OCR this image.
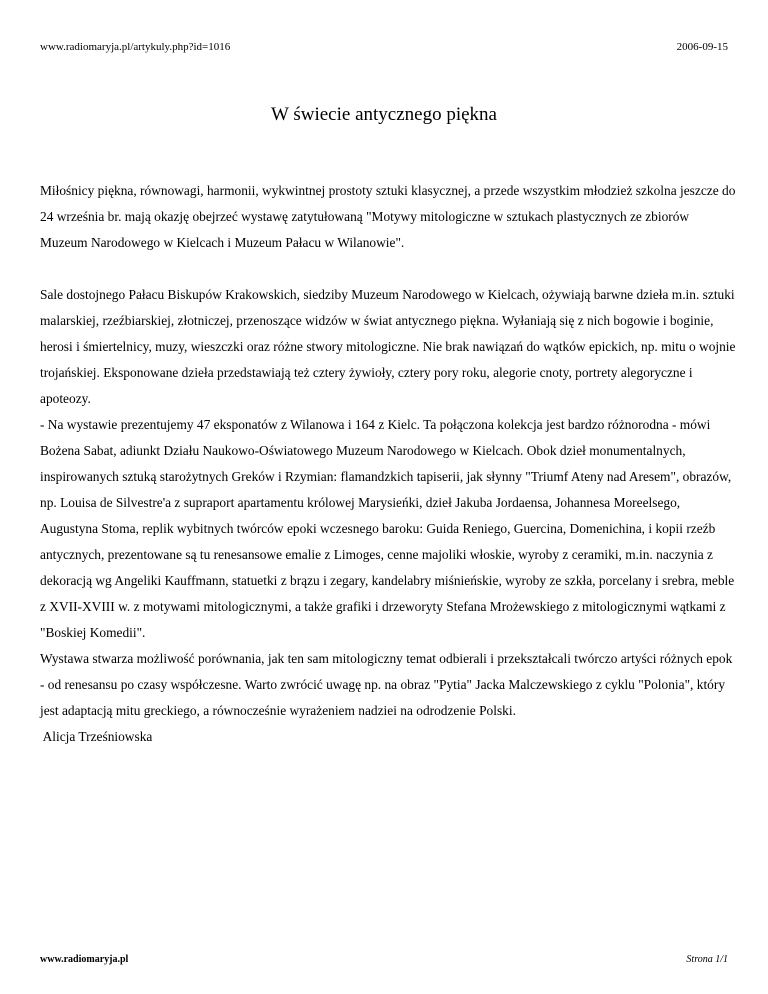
www.radiomaryja.pl/artykuly.php?id=1016	2006-09-15
W świecie antycznego piękna

Miłośnicy piękna, równowagi, harmonii, wykwintnej prostoty sztuki klasycznej, a przede wszystkim młodzież szkolna jeszcze do 24 września br. mają okazję obejrzeć wystawę zatytułowaną "Motywy mitologiczne w sztukach plastycznych ze zbiorów Muzeum Narodowego w Kielcach i Muzeum Pałacu w Wilanowie".

Sale dostojnego Pałacu Biskupów Krakowskich, siedziby Muzeum Narodowego w Kielcach, ożywiają barwne dzieła m.in. sztuki malarskiej, rzeźbiarskiej, złotniczej, przenoszące widzów w świat antycznego piękna. Wyłaniają się z nich bogowie i boginie, herosi i śmiertelnicy, muzy, wieszczki oraz różne stwory mitologiczne. Nie brak nawiązań do wątków epickich, np. mitu o wojnie trojańskiej. Eksponowane dzieła przedstawiają też cztery żywioły, cztery pory roku, alegorie cnoty, portrety alegoryczne i apoteozy.

- Na wystawie prezentujemy 47 eksponatów z Wilanowa i 164 z Kielc. Ta połączona kolekcja jest bardzo różnorodna - mówi Bożena Sabat, adiunkt Działu Naukowo-Oświatowego Muzeum Narodowego w Kielcach. Obok dzieł monumentalnych, inspirowanych sztuką starożytnych Greków i Rzymian: flamandzkich tapiserii, jak słynny "Triumf Ateny nad Aresem", obrazów, np. Louisa de Silvestre'a z supraport apartamentu królowej Marysieńki, dzieł Jakuba Jordaensa, Johannesa Moreelsego, Augustyna Stoma, replik wybitnych twórców epoki wczesnego baroku: Guida Reniego, Guercina, Domenichina, i kopii rzeźb antycznych, prezentowane są tu renesansowe emalie z Limoges, cenne majoliki włoskie, wyroby z ceramiki, m.in. naczynia z dekoracją wg Angeliki Kauffmann, statuetki z brązu i zegary, kandelabry miśnieńskie, wyroby ze szkła, porcelany i srebra, meble z XVII-XVIII w. z motywami mitologicznymi, a także grafiki i drzeworyty Stefana Mrożewskiego z mitologicznymi wątkami z "Boskiej Komedii".

Wystawa stwarza możliwość porównania, jak ten sam mitologiczny temat odbierali i przekształcali twórczo artyści różnych epok - od renesansu po czasy współczesne. Warto zwrócić uwagę np. na obraz "Pytia" Jacka Malczewskiego z cyklu "Polonia", który jest adaptacją mitu greckiego, a równocześnie wyrażeniem nadziei na odrodzenie Polski.

Alicja Trześniowska

www.radiomaryja.pl	Strona 1/1
